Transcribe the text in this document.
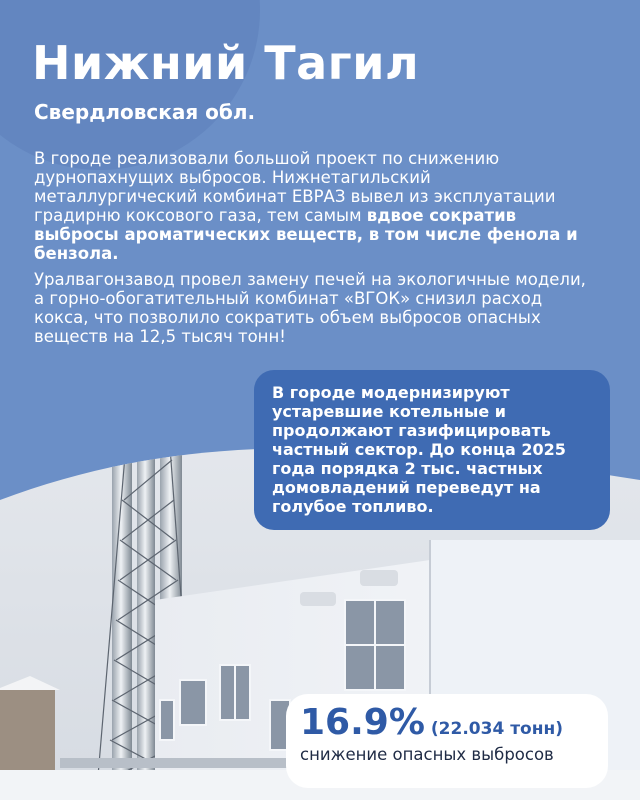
Нижний Тагил
Свердловская обл.
В городе реализовали большой проект по снижению дурнопахнущих выбросов. Нижнетагильский металлургический комбинат ЕВРАЗ вывел из эксплуатации градирню коксового газа, тем самым вдвое сократив выбросы ароматических веществ, в том числе фенола и бензола.
Уралвагонзавод провел замену печей на экологичные модели, а горно-обогатительный комбинат «ВГОК» снизил расход кокса, что позволило сократить объем выбросов опасных веществ на 12,5 тысяч тонн!
В городе модернизируют устаревшие котельные и продолжают газифицировать частный сектор. До конца 2025 года порядка 2 тыс. частных домовладений переведут на голубое топливо.
16.9% (22.034 тонн)
снижение опасных выбросов
